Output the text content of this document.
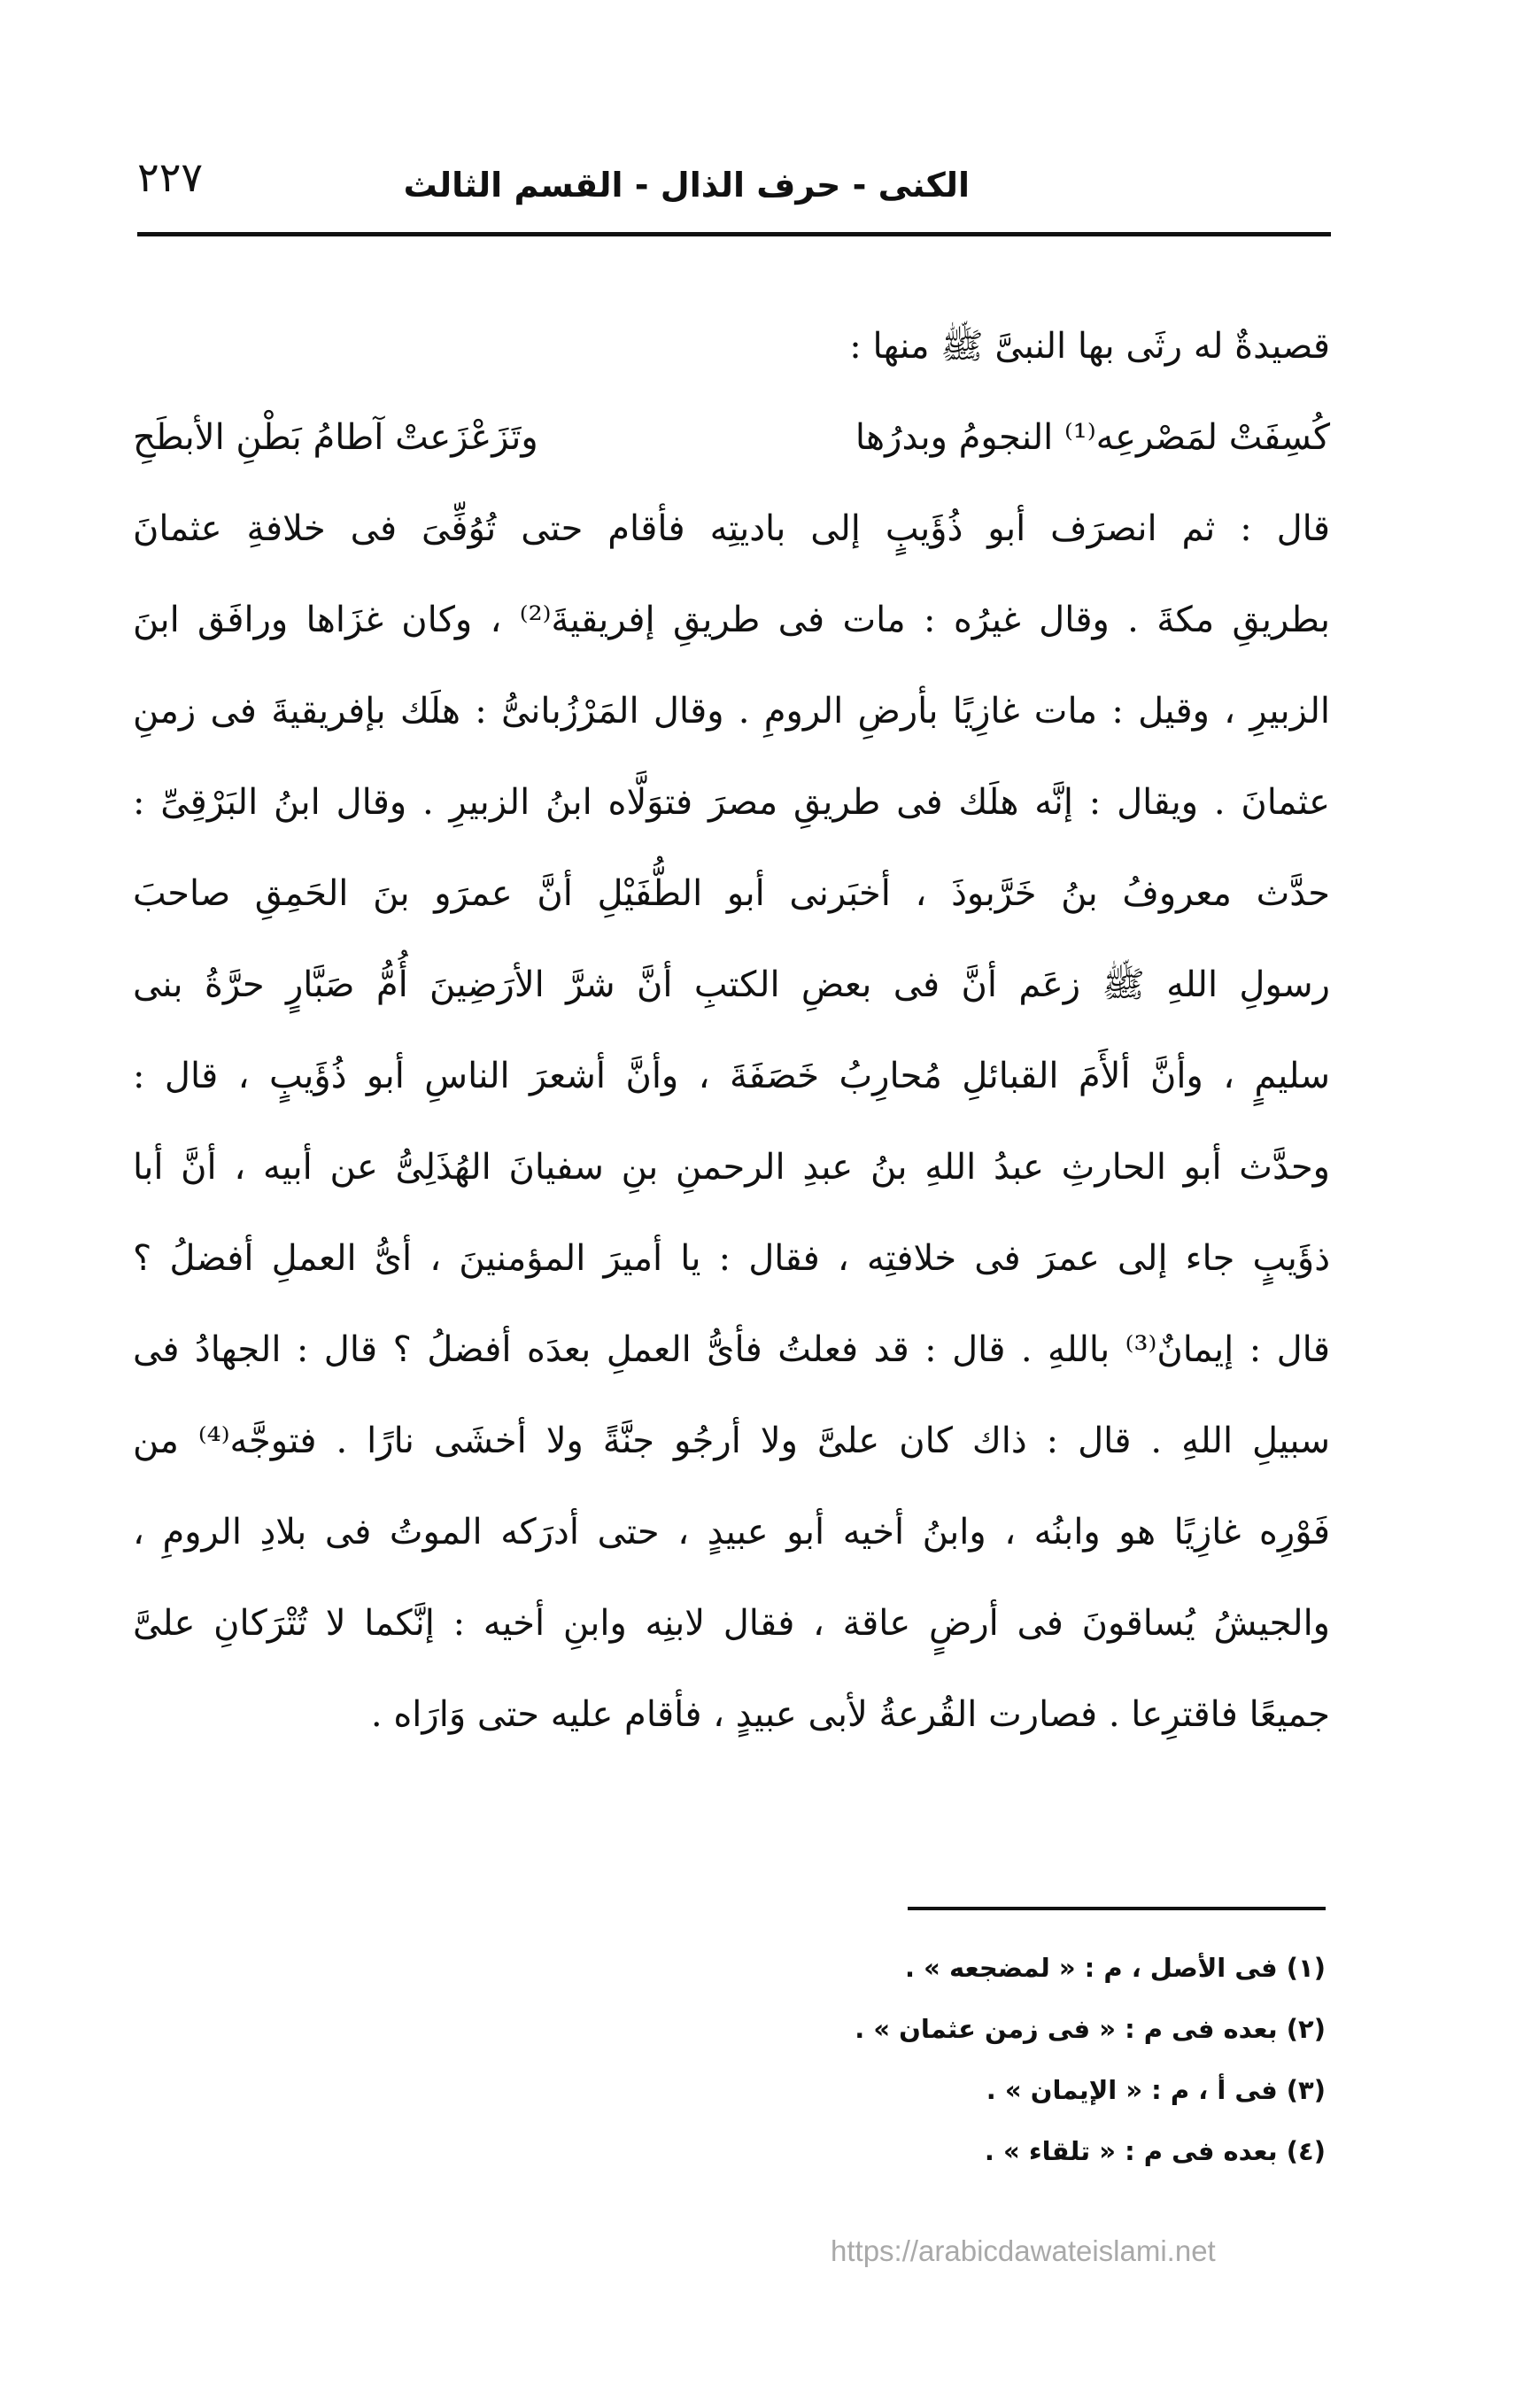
الكنى - حرف الذال - القسم الثالث
٢٢٧
قصيدةٌ له رثَى بها النبىَّ ﷺ منها :
كُسِفَتْ لمَصْرعِه⁽¹⁾ النجومُ وبدرُها
وتَزَعْزَعتْ آطامُ بَطْنِ الأبطَحِ
قال : ثم انصرَف أبو ذُؤَيبٍ إلى باديتِه فأقام حتى تُوُفِّىَ فى خلافةِ عثمانَ
بطريقِ مكةَ . وقال غيرُه : مات فى طريقِ إفريقيةَ⁽²⁾ ، وكان غزَاها ورافَق ابنَ
الزبيرِ ، وقيل : مات غازِيًا بأرضِ الرومِ . وقال المَرْزُبانىُّ : هلَك بإفريقيةَ فى زمنِ
عثمانَ . ويقال : إنَّه هلَك فى طريقِ مصرَ فتوَلَّاه ابنُ الزبيرِ . وقال ابنُ البَرْقِىِّ :
حدَّث معروفُ بنُ خَرَّبوذَ ، أخبَرنى أبو الطُّفَيْلِ أنَّ عمرَو بنَ الحَمِقِ صاحبَ
رسولِ اللهِ ﷺ زعَم أنَّ فى بعضِ الكتبِ أنَّ شرَّ الأرَضِينَ أُمُّ صَبَّارٍ حرَّةُ بنى
سليمٍ ، وأنَّ ألأَمَ القبائلِ مُحارِبُ خَصَفَةَ ، وأنَّ أشعرَ الناسِ أبو ذُؤَيبٍ ، قال :
وحدَّث أبو الحارثِ عبدُ اللهِ بنُ عبدِ الرحمنِ بنِ سفيانَ الهُذَلِىُّ عن أبيه ، أنَّ أبا
ذؤَيبٍ جاء إلى عمرَ فى خلافتِه ، فقال : يا أميرَ المؤمنينَ ، أىُّ العملِ أفضلُ ؟
قال : إيمانٌ⁽³⁾ باللهِ . قال : قد فعلتُ فأىُّ العملِ بعدَه أفضلُ ؟ قال : الجهادُ فى
سبيلِ اللهِ . قال : ذاك كان علىَّ ولا أرجُو جنَّةً ولا أخشَى نارًا . فتوجَّه⁽⁴⁾ من
فَوْرِه غازِيًا هو وابنُه ، وابنُ أخيه أبو عبيدٍ ، حتى أدرَكه الموتُ فى بلادِ الرومِ ،
والجيشُ يُساقونَ فى أرضٍ عاقة ، فقال لابنِه وابنِ أخيه : إنَّكما لا تُتْرَكانِ علىَّ
جميعًا فاقترِعا . فصارت القُرعةُ لأبى عبيدٍ ، فأقام عليه حتى وَارَاه .
(١) فى الأصل ، م : « لمضجعه » .
(٢) بعده فى م : « فى زمن عثمان » .
(٣) فى أ ، م : « الإيمان » .
(٤) بعده فى م : « تلقاء » .
https://arabicdawateislami.net
